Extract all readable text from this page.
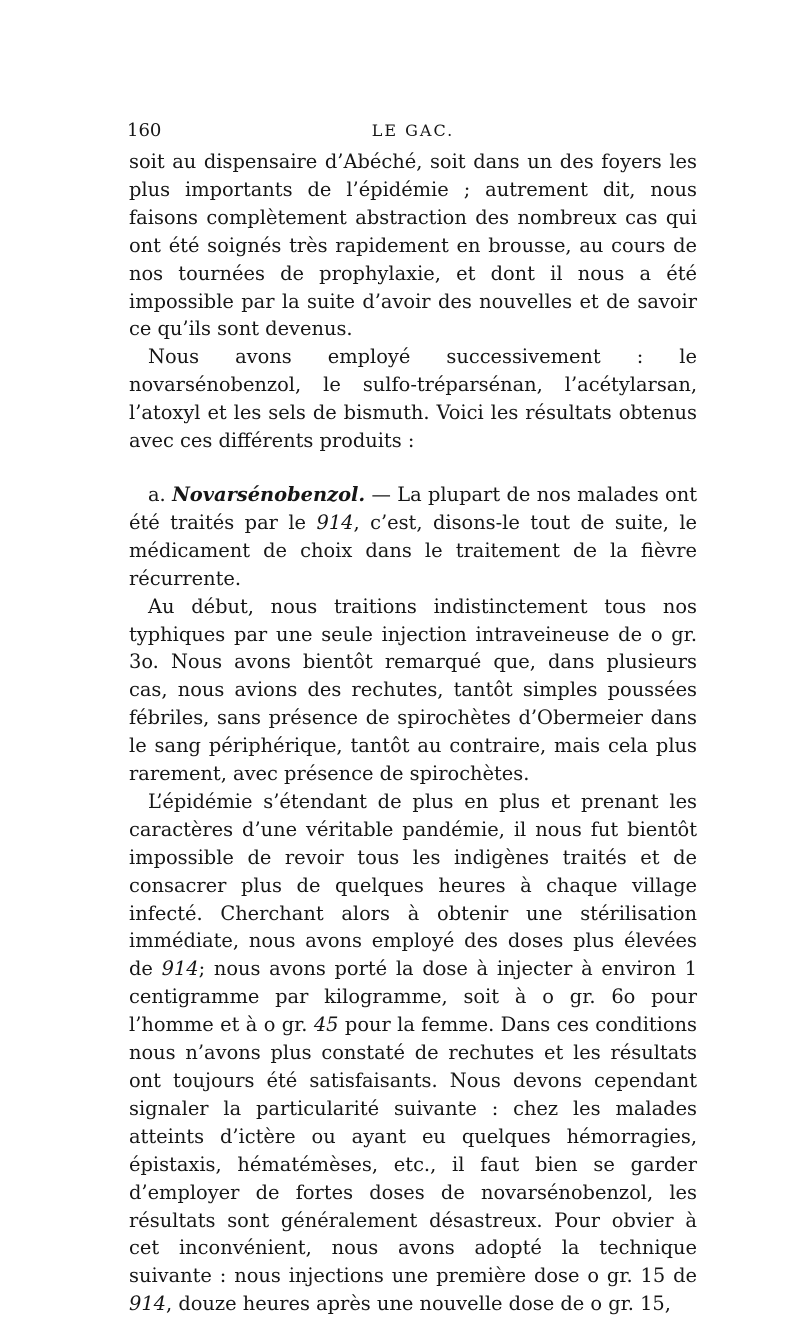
160	LE GAC.

soit au dispensaire d’Abéché, soit dans un des foyers les plus importants de l’épidémie ; autrement dit, nous faisons complètement abstraction des nombreux cas qui ont été soignés très rapidement en brousse, au cours de nos tournées de prophylaxie, et dont il nous a été impossible par la suite d’avoir des nouvelles et de savoir ce qu’ils sont devenus.

Nous avons employé successivement : le novarsénobenzol, le sulfo-tréparsénan, l’acétylarsan, l’atoxyl et les sels de bismuth. Voici les résultats obtenus avec ces différents produits :

a. Novarsénobenzol. — La plupart de nos malades ont été traités par le 914, c’est, disons-le tout de suite, le médicament de choix dans le traitement de la fièvre récurrente.

Au début, nous traitions indistinctement tous nos typhiques par une seule injection intraveineuse de o gr. 3o. Nous avons bientôt remarqué que, dans plusieurs cas, nous avions des rechutes, tantôt simples poussées fébriles, sans présence de spirochètes d’Obermeier dans le sang périphérique, tantôt au contraire, mais cela plus rarement, avec présence de spirochètes.

L’épidémie s’étendant de plus en plus et prenant les caractères d’une véritable pandémie, il nous fut bientôt impossible de revoir tous les indigènes traités et de consacrer plus de quelques heures à chaque village infecté. Cherchant alors à obtenir une stérilisation immédiate, nous avons employé des doses plus élevées de 914; nous avons porté la dose à injecter à environ 1 centigramme par kilogramme, soit à o gr. 6o pour l’homme et à o gr. 45 pour la femme. Dans ces conditions nous n’avons plus constaté de rechutes et les résultats ont toujours été satisfaisants. Nous devons cependant signaler la particularité suivante : chez les malades atteints d’ictère ou ayant eu quelques hémorragies, épistaxis, hématémèses, etc., il faut bien se garder d’employer de fortes doses de novarsénobenzol, les résultats sont généralement désastreux. Pour obvier à cet inconvénient, nous avons adopté la technique suivante : nous injections une première dose o gr. 15 de 914, douze heures après une nouvelle dose de o gr. 15,
